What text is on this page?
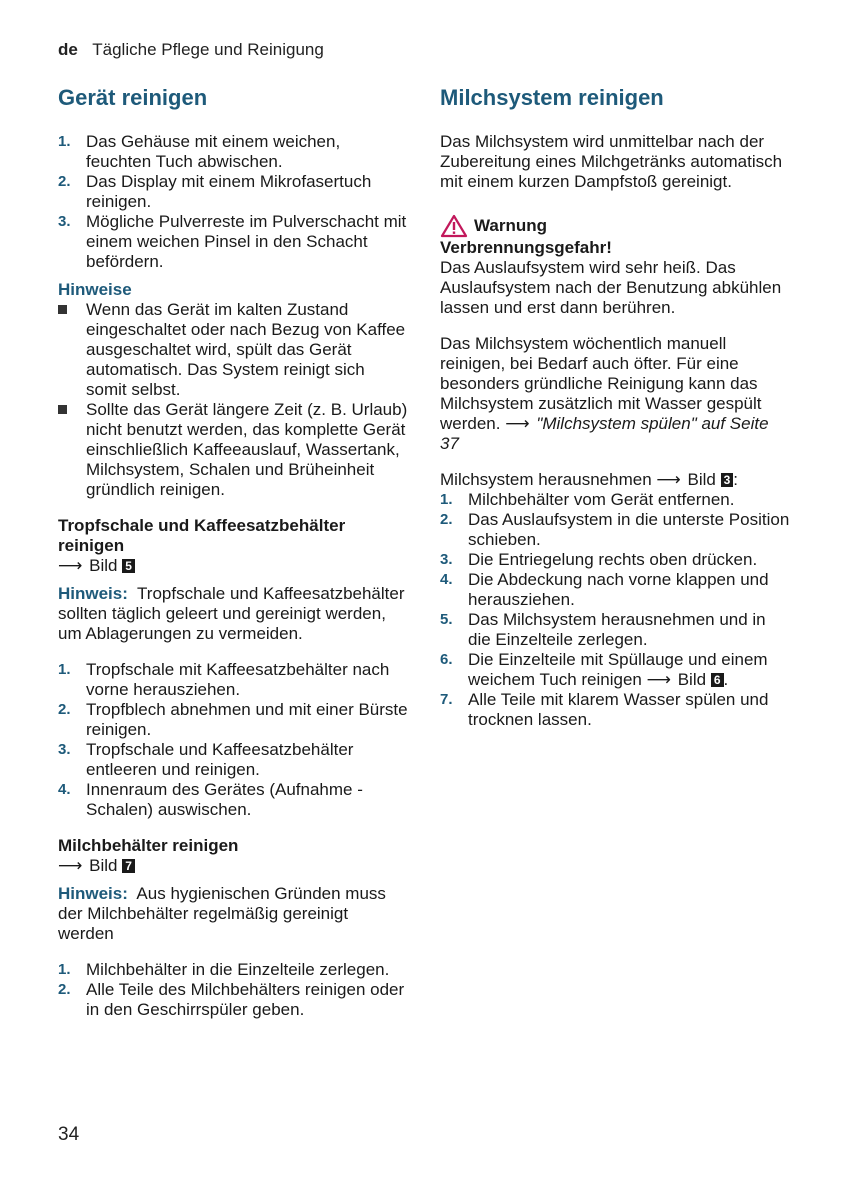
de Tägliche Pflege und Reinigung
Gerät reinigen
1. Das Gehäuse mit einem weichen, feuchten Tuch abwischen.
2. Das Display mit einem Mikrofasertuch reinigen.
3. Mögliche Pulverreste im Pulverschacht mit einem weichen Pinsel in den Schacht befördern.
Hinweise
Wenn das Gerät im kalten Zustand eingeschaltet oder nach Bezug von Kaffee ausgeschaltet wird, spült das Gerät automatisch. Das System reinigt sich somit selbst.
Sollte das Gerät längere Zeit (z. B. Urlaub) nicht benutzt werden, das komplette Gerät einschließlich Kaffeeauslauf, Wassertank, Milchsystem, Schalen und Brüheinheit gründlich reinigen.

Tropfschale und Kaffeesatzbehälter reinigen

⟶ Bild 5

Hinweis: Tropfschale und Kaffeesatzbehälter sollten täglich geleert und gereinigt werden, um Ablagerungen zu vermeiden.

1. Tropfschale mit Kaffeesatzbehälter nach vorne herausziehen.
2. Tropfblech abnehmen und mit einer Bürste reinigen.
3. Tropfschale und Kaffeesatzbehälter entleeren und reinigen.
4. Innenraum des Gerätes (Aufnahme - Schalen) auswischen.

Milchbehälter reinigen

⟶ Bild 7

Hinweis: Aus hygienischen Gründen muss der Milchbehälter regelmäßig gereinigt werden

1. Milchbehälter in die Einzelteile zerlegen.
2. Alle Teile des Milchbehälters reinigen oder in den Geschirrspüler geben.
Milchsystem reinigen

Das Milchsystem wird unmittelbar nach der Zubereitung eines Milchgetränks automatisch mit einem kurzen Dampfstoß gereinigt.

Warnung

Verbrennungsgefahr!

Das Auslaufsystem wird sehr heiß. Das Auslaufsystem nach der Benutzung abkühlen lassen und erst dann berühren.

Das Milchsystem wöchentlich manuell reinigen, bei Bedarf auch öfter. Für eine besonders gründliche Reinigung kann das Milchsystem zusätzlich mit Wasser gespült werden. ⟶ "Milchsystem spülen" auf Seite 37

Milchsystem herausnehmen ⟶ Bild 3 :

1. Milchbehälter vom Gerät entfernen.
2. Das Auslaufsystem in die unterste Position schieben.
3. Die Entriegelung rechts oben drücken.
4. Die Abdeckung nach vorne klappen und herausziehen.
5. Das Milchsystem herausnehmen und in die Einzelteile zerlegen.
6. Die Einzelteile mit Spüllauge und einem weichem Tuch reinigen ⟶ Bild 6 .
7. Alle Teile mit klarem Wasser spülen und trocknen lassen.
34
